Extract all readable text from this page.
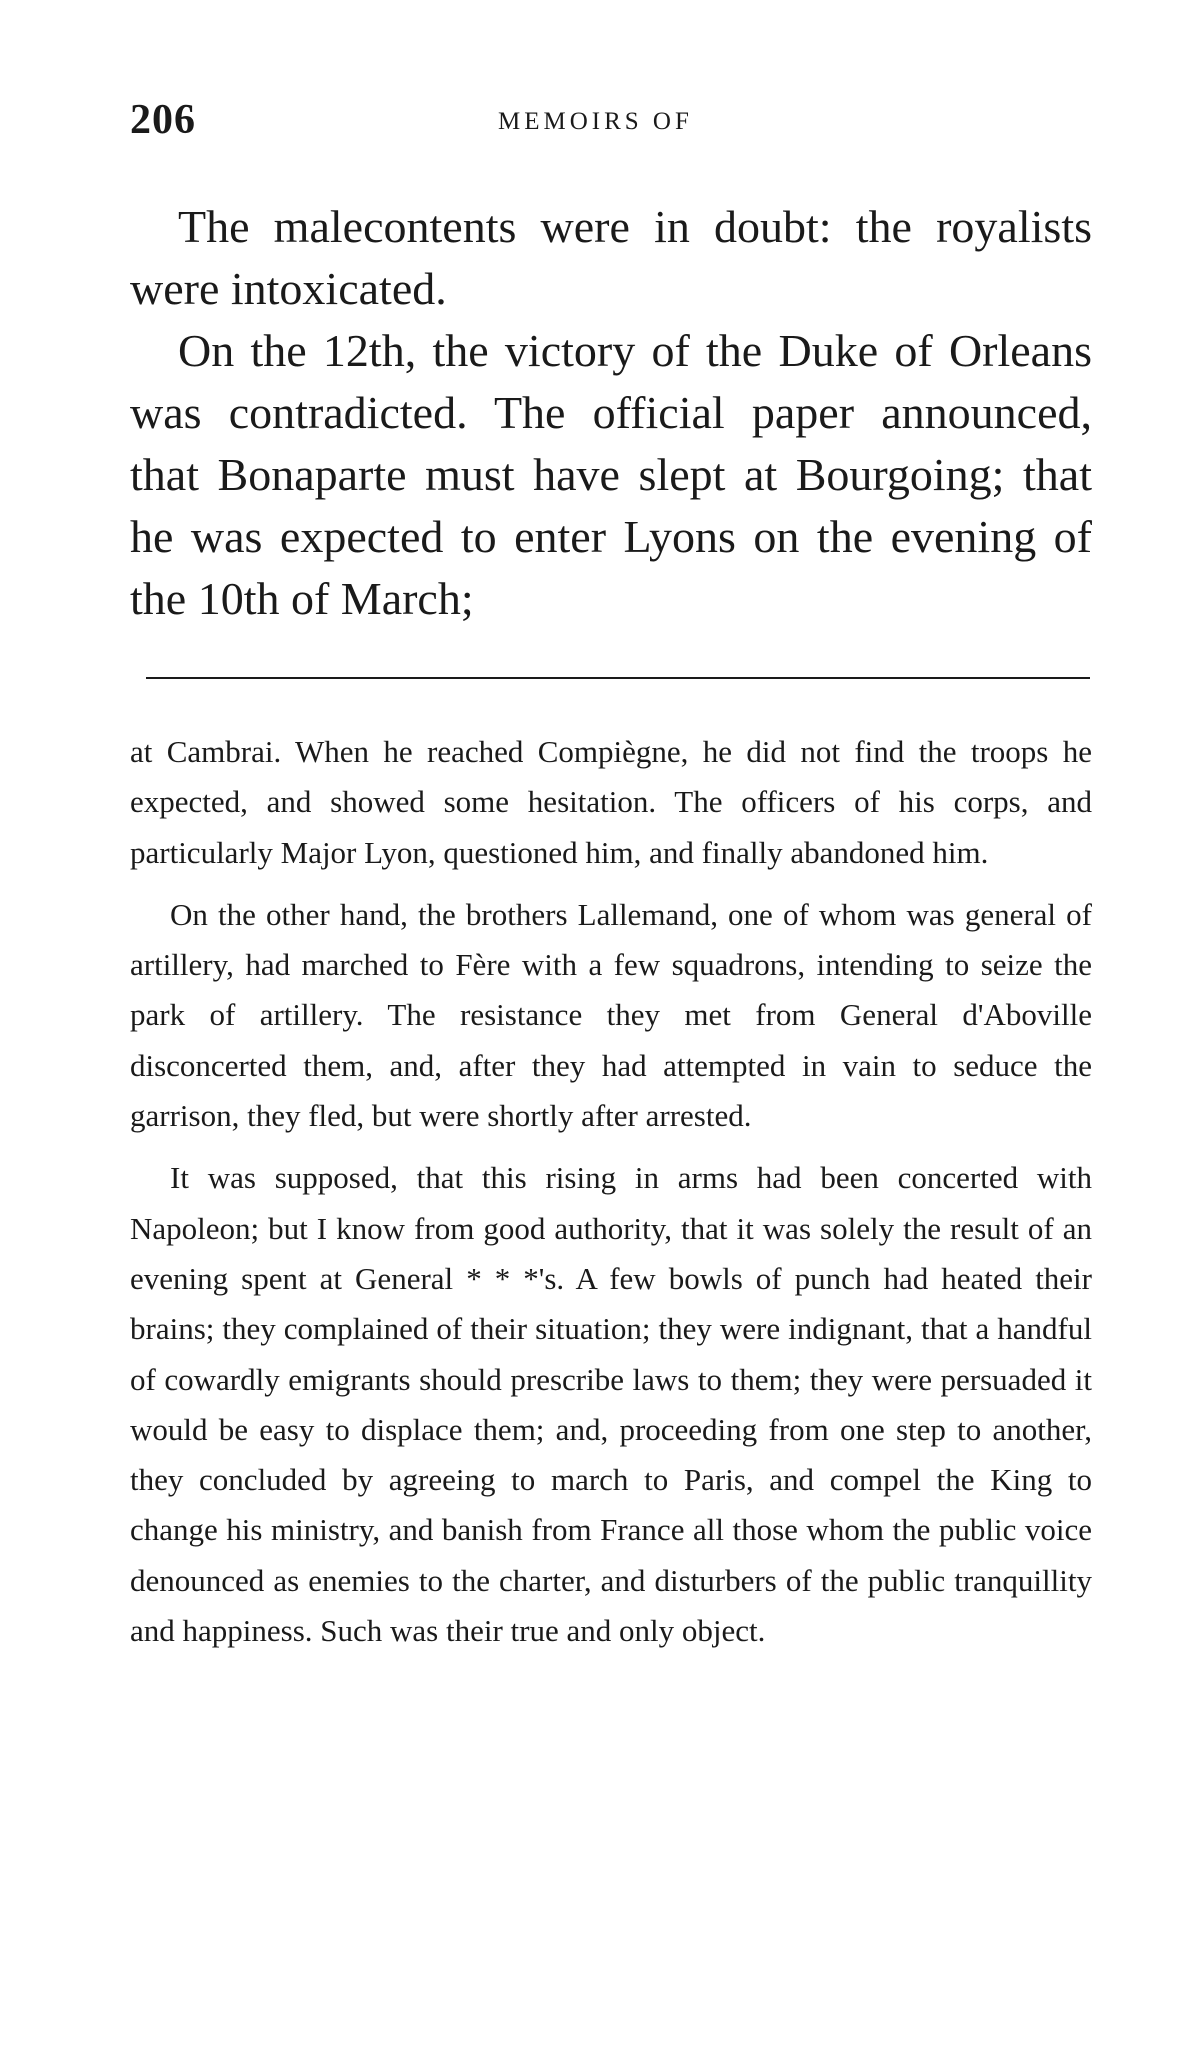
206	MEMOIRS OF

The malecontents were in doubt: the royalists were intoxicated.

On the 12th, the victory of the Duke of Orleans was contradicted. The official paper announced, that Bonaparte must have slept at Bourgoing; that he was expected to enter Lyons on the evening of the 10th of March;

at Cambrai. When he reached Compiègne, he did not find the troops he expected, and showed some hesitation. The officers of his corps, and particularly Major Lyon, questioned him, and finally abandoned him.

On the other hand, the brothers Lallemand, one of whom was general of artillery, had marched to Fère with a few squadrons, intending to seize the park of artillery. The resistance they met from General d'Aboville disconcerted them, and, after they had attempted in vain to seduce the garrison, they fled, but were shortly after arrested.

It was supposed, that this rising in arms had been concerted with Napoleon; but I know from good authority, that it was solely the result of an evening spent at General * * *'s. A few bowls of punch had heated their brains; they complained of their situation; they were indignant, that a handful of cowardly emigrants should prescribe laws to them; they were persuaded it would be easy to displace them; and, proceeding from one step to another, they concluded by agreeing to march to Paris, and compel the King to change his ministry, and banish from France all those whom the public voice denounced as enemies to the charter, and disturbers of the public tranquillity and happiness. Such was their true and only object.
